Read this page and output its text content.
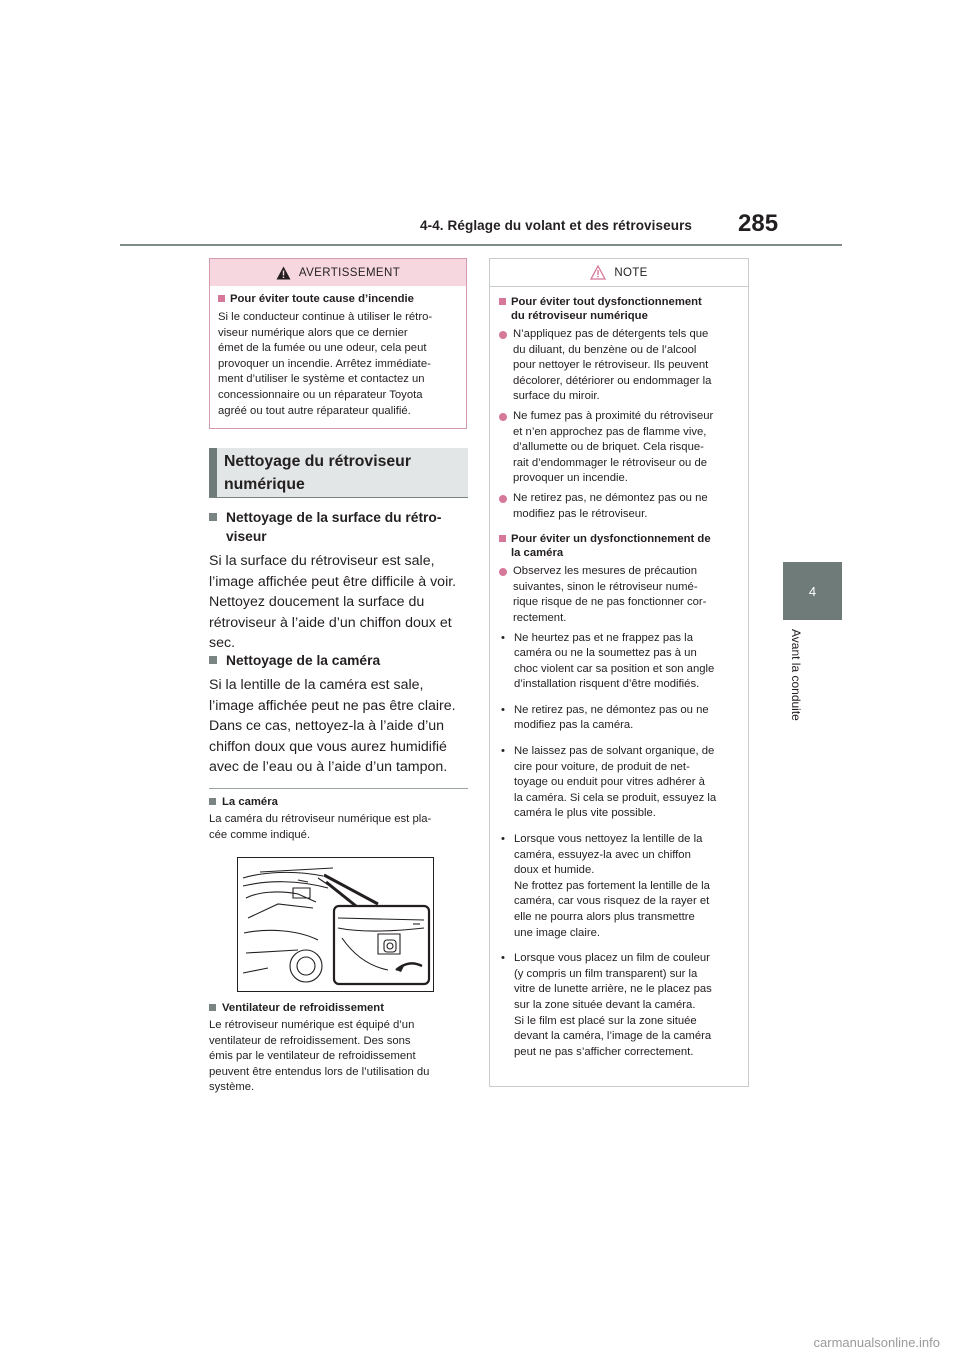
4-4. Réglage du volant et des rétroviseurs 285
4
Avant la conduite
AVERTISSEMENT
Pour éviter toute cause d’incendie
Si le conducteur continue à utiliser le rétro-
viseur numérique alors que ce dernier
émet de la fumée ou une odeur, cela peut
provoquer un incendie. Arrêtez immédiate-
ment d’utiliser le système et contactez un
concessionnaire ou un réparateur Toyota
agréé ou tout autre réparateur qualifié.
Nettoyage du rétroviseur
numérique
Nettoyage de la surface du rétro-
viseur
Si la surface du rétroviseur est sale,
l’image affichée peut être difficile à voir.
Nettoyez doucement la surface du
rétroviseur à l’aide d’un chiffon doux et
sec.
Nettoyage de la caméra
Si la lentille de la caméra est sale,
l’image affichée peut ne pas être claire.
Dans ce cas, nettoyez-la à l’aide d’un
chiffon doux que vous aurez humidifié
avec de l’eau ou à l’aide d’un tampon.
La caméra
La caméra du rétroviseur numérique est pla-
cée comme indiqué.
Ventilateur de refroidissement
Le rétroviseur numérique est équipé d’un
ventilateur de refroidissement. Des sons
émis par le ventilateur de refroidissement
peuvent être entendus lors de l’utilisation du
système.
NOTE
Pour éviter tout dysfonctionnement
du rétroviseur numérique
N’appliquez pas de détergents tels que
du diluant, du benzène ou de l’alcool
pour nettoyer le rétroviseur. Ils peuvent
décolorer, détériorer ou endommager la
surface du miroir.
Ne fumez pas à proximité du rétroviseur
et n’en approchez pas de flamme vive,
d’allumette ou de briquet. Cela risque-
rait d’endommager le rétroviseur ou de
provoquer un incendie.
Ne retirez pas, ne démontez pas ou ne
modifiez pas le rétroviseur.
Pour éviter un dysfonctionnement de
la caméra
Observez les mesures de précaution
suivantes, sinon le rétroviseur numé-
rique risque de ne pas fonctionner cor-
rectement.
• Ne heurtez pas et ne frappez pas la
caméra ou ne la soumettez pas à un
choc violent car sa position et son angle
d’installation risquent d’être modifiés.
• Ne retirez pas, ne démontez pas ou ne
modifiez pas la caméra.
• Ne laissez pas de solvant organique, de
cire pour voiture, de produit de net-
toyage ou enduit pour vitres adhérer à
la caméra. Si cela se produit, essuyez la
caméra le plus vite possible.
• Lorsque vous nettoyez la lentille de la
caméra, essuyez-la avec un chiffon
doux et humide.
Ne frottez pas fortement la lentille de la
caméra, car vous risquez de la rayer et
elle ne pourra alors plus transmettre
une image claire.
• Lorsque vous placez un film de couleur
(y compris un film transparent) sur la
vitre de lunette arrière, ne le placez pas
sur la zone située devant la caméra.
Si le film est placé sur la zone située
devant la caméra, l’image de la caméra
peut ne pas s’afficher correctement.
carmanualsonline.info
